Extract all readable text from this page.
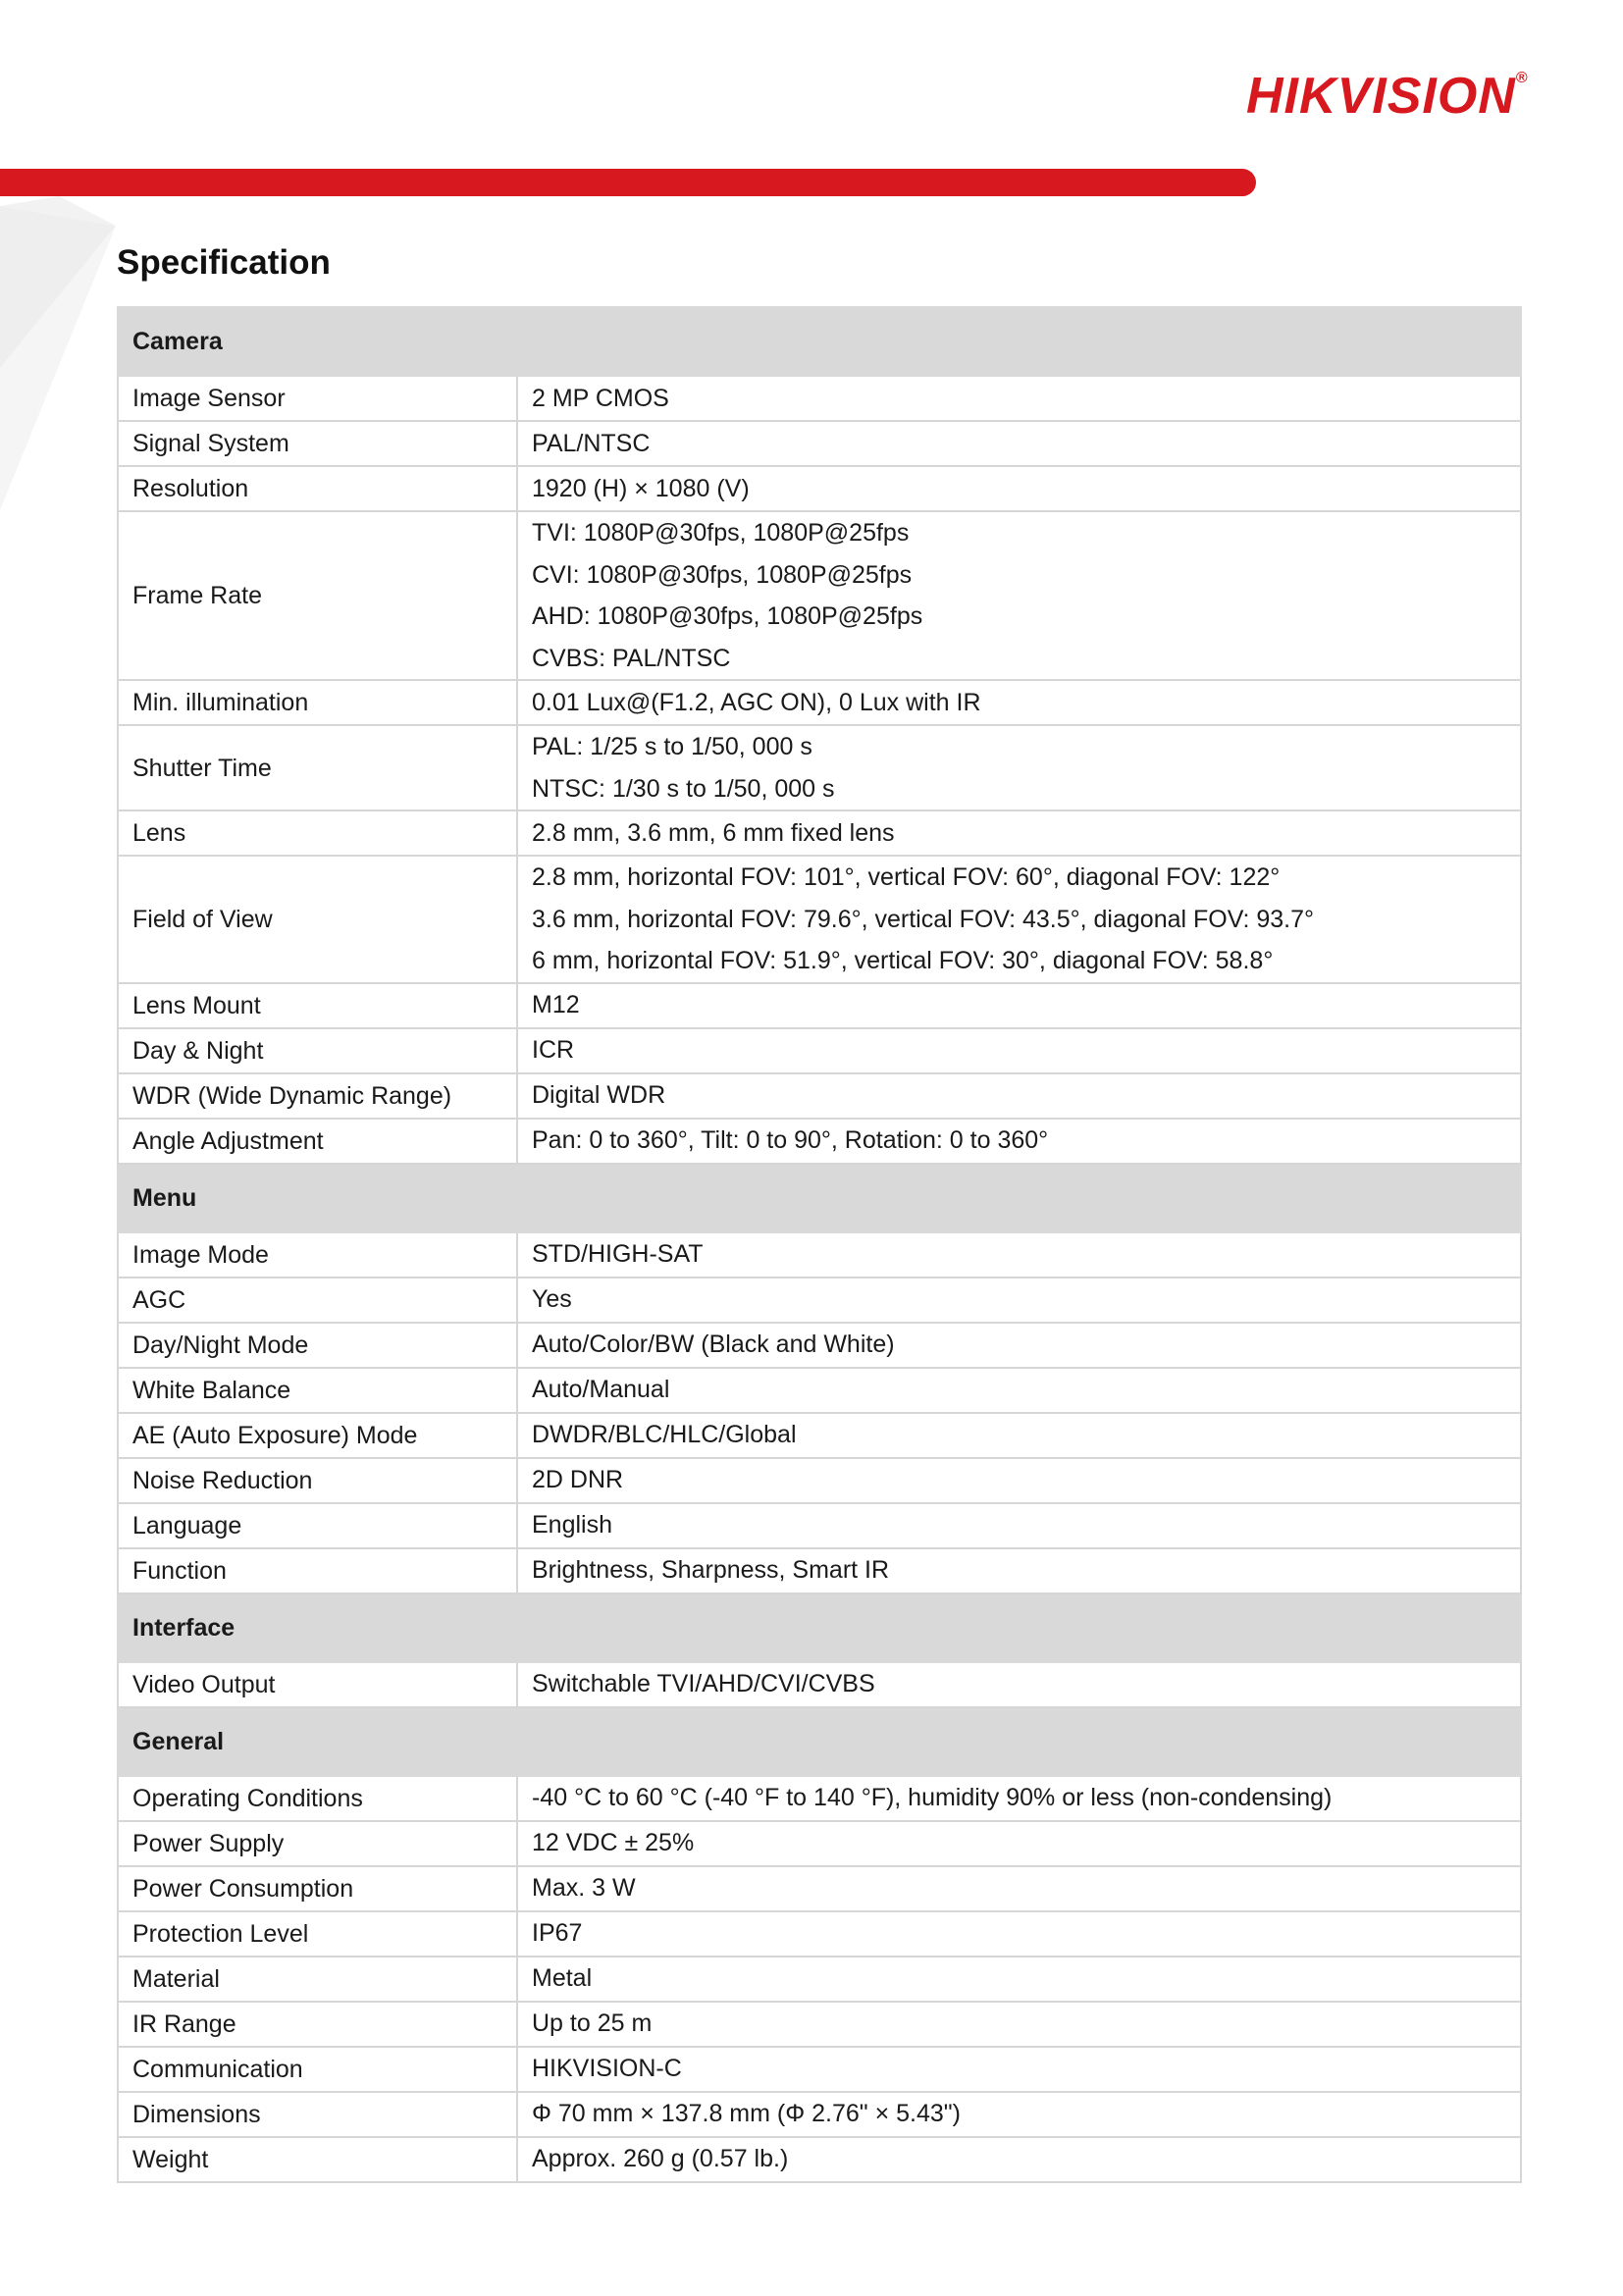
HIKVISION®
Specification
Camera	
Image Sensor	2 MP CMOS

Signal System	PAL/NTSC

Resolution	1920 (H) × 1080 (V)

Frame Rate	TVI: 1080P@30fps, 1080P@25fps
CVI: 1080P@30fps, 1080P@25fps
AHD: 1080P@30fps, 1080P@25fps
CVBS: PAL/NTSC

Min. illumination	0.01 Lux@(F1.2, AGC ON), 0 Lux with IR

Shutter Time	PAL: 1/25 s to 1/50, 000 s
NTSC: 1/30 s to 1/50, 000 s

Lens	2.8 mm, 3.6 mm, 6 mm fixed lens

Field of View	2.8 mm, horizontal FOV: 101°, vertical FOV: 60°, diagonal FOV: 122°
3.6 mm, horizontal FOV: 79.6°, vertical FOV: 43.5°, diagonal FOV: 93.7°
6 mm, horizontal FOV: 51.9°, vertical FOV: 30°, diagonal FOV: 58.8°

Lens Mount	M12

Day & Night	ICR

WDR (Wide Dynamic Range)	Digital WDR

Angle Adjustment	Pan: 0 to 360°, Tilt: 0 to 90°, Rotation: 0 to 360°

Menu	
Image Mode	STD/HIGH-SAT

AGC	Yes

Day/Night Mode	Auto/Color/BW (Black and White)

White Balance	Auto/Manual

AE (Auto Exposure) Mode	DWDR/BLC/HLC/Global

Noise Reduction	2D DNR

Language	English

Function	Brightness, Sharpness, Smart IR

Interface	
Video Output	Switchable TVI/AHD/CVI/CVBS

General	
Operating Conditions	-40 °C to 60 °C (-40 °F to 140 °F), humidity 90% or less (non-condensing)

Power Supply	12 VDC ± 25%

Power Consumption	Max. 3 W

Protection Level	IP67

Material	Metal

IR Range	Up to 25 m

Communication	HIKVISION-C

Dimensions	Φ 70 mm × 137.8 mm (Φ 2.76" × 5.43")

Weight	Approx. 260 g (0.57 lb.)
